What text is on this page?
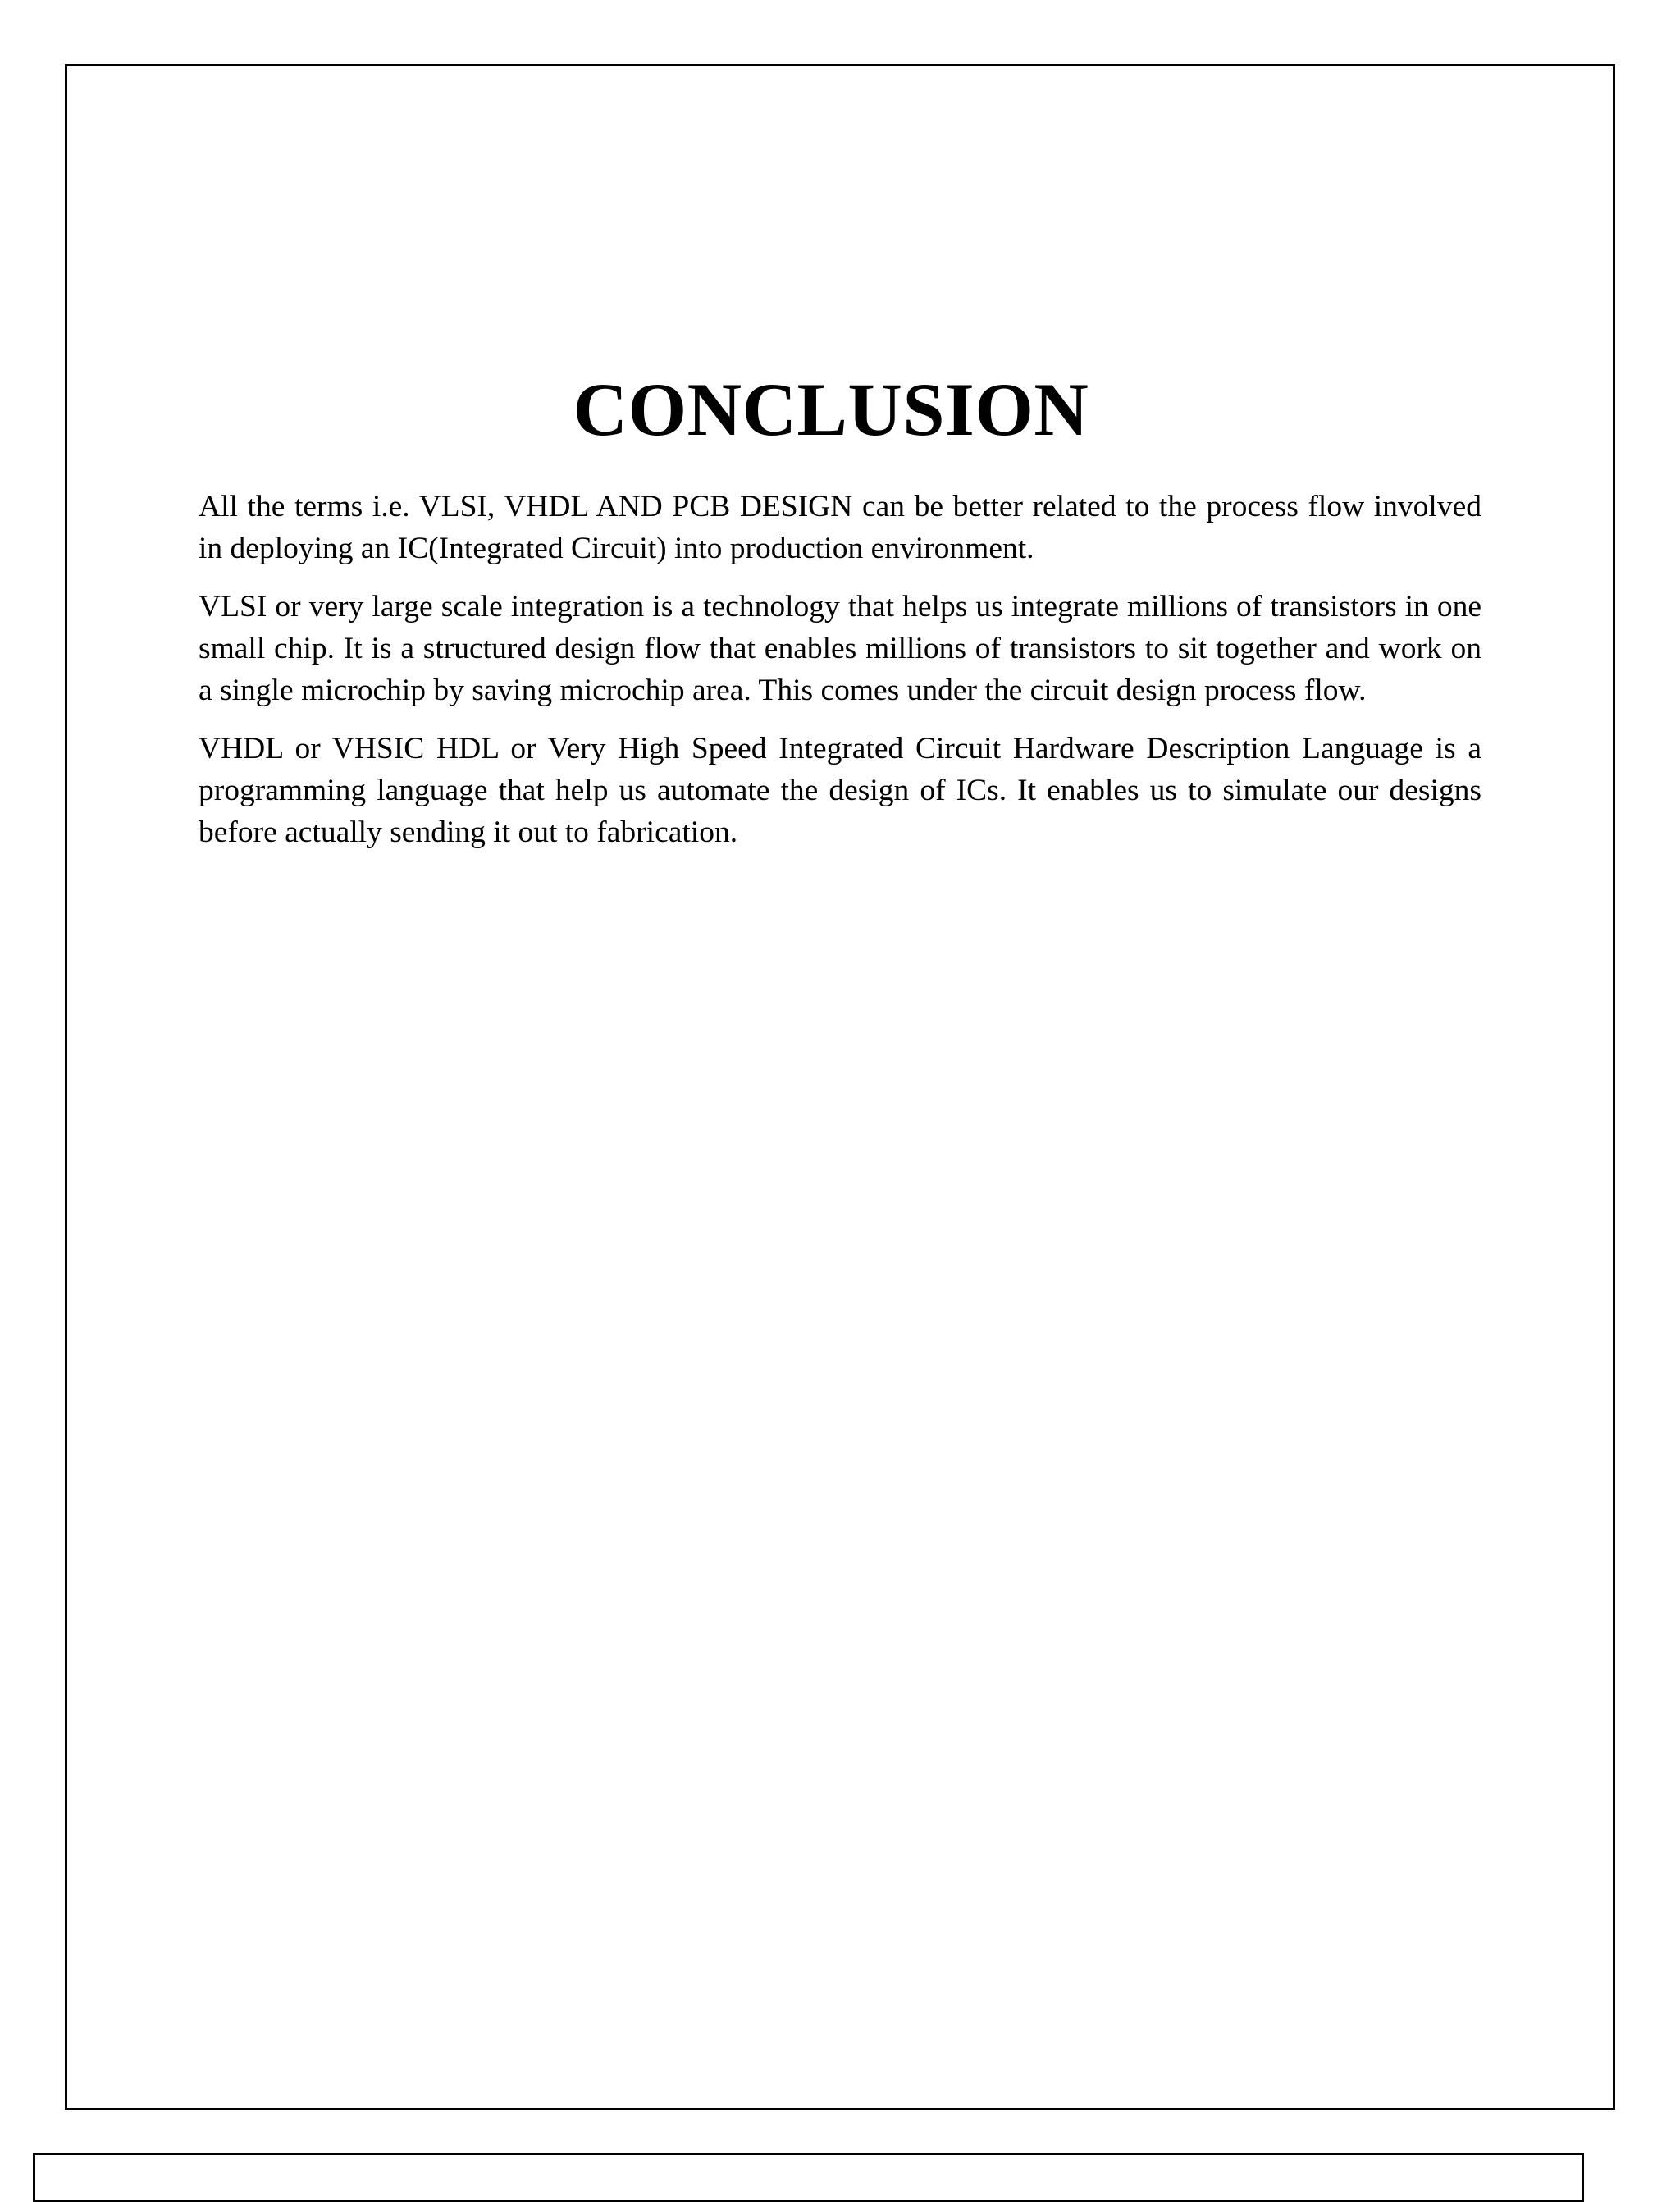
CONCLUSION

All the terms i.e. VLSI, VHDL AND PCB DESIGN can be better related to the process flow involved in deploying an IC(Integrated Circuit) into production environment.

VLSI or very large scale integration is a technology that helps us integrate millions of transistors in one small chip. It is a structured design flow that enables millions of transistors to sit together and work on a single microchip by saving microchip area. This comes under the circuit design process flow.

VHDL or VHSIC HDL or Very High Speed Integrated Circuit Hardware Description Language is a programming language that help us automate the design of ICs. It enables us to simulate our designs before actually sending it out to fabrication.
